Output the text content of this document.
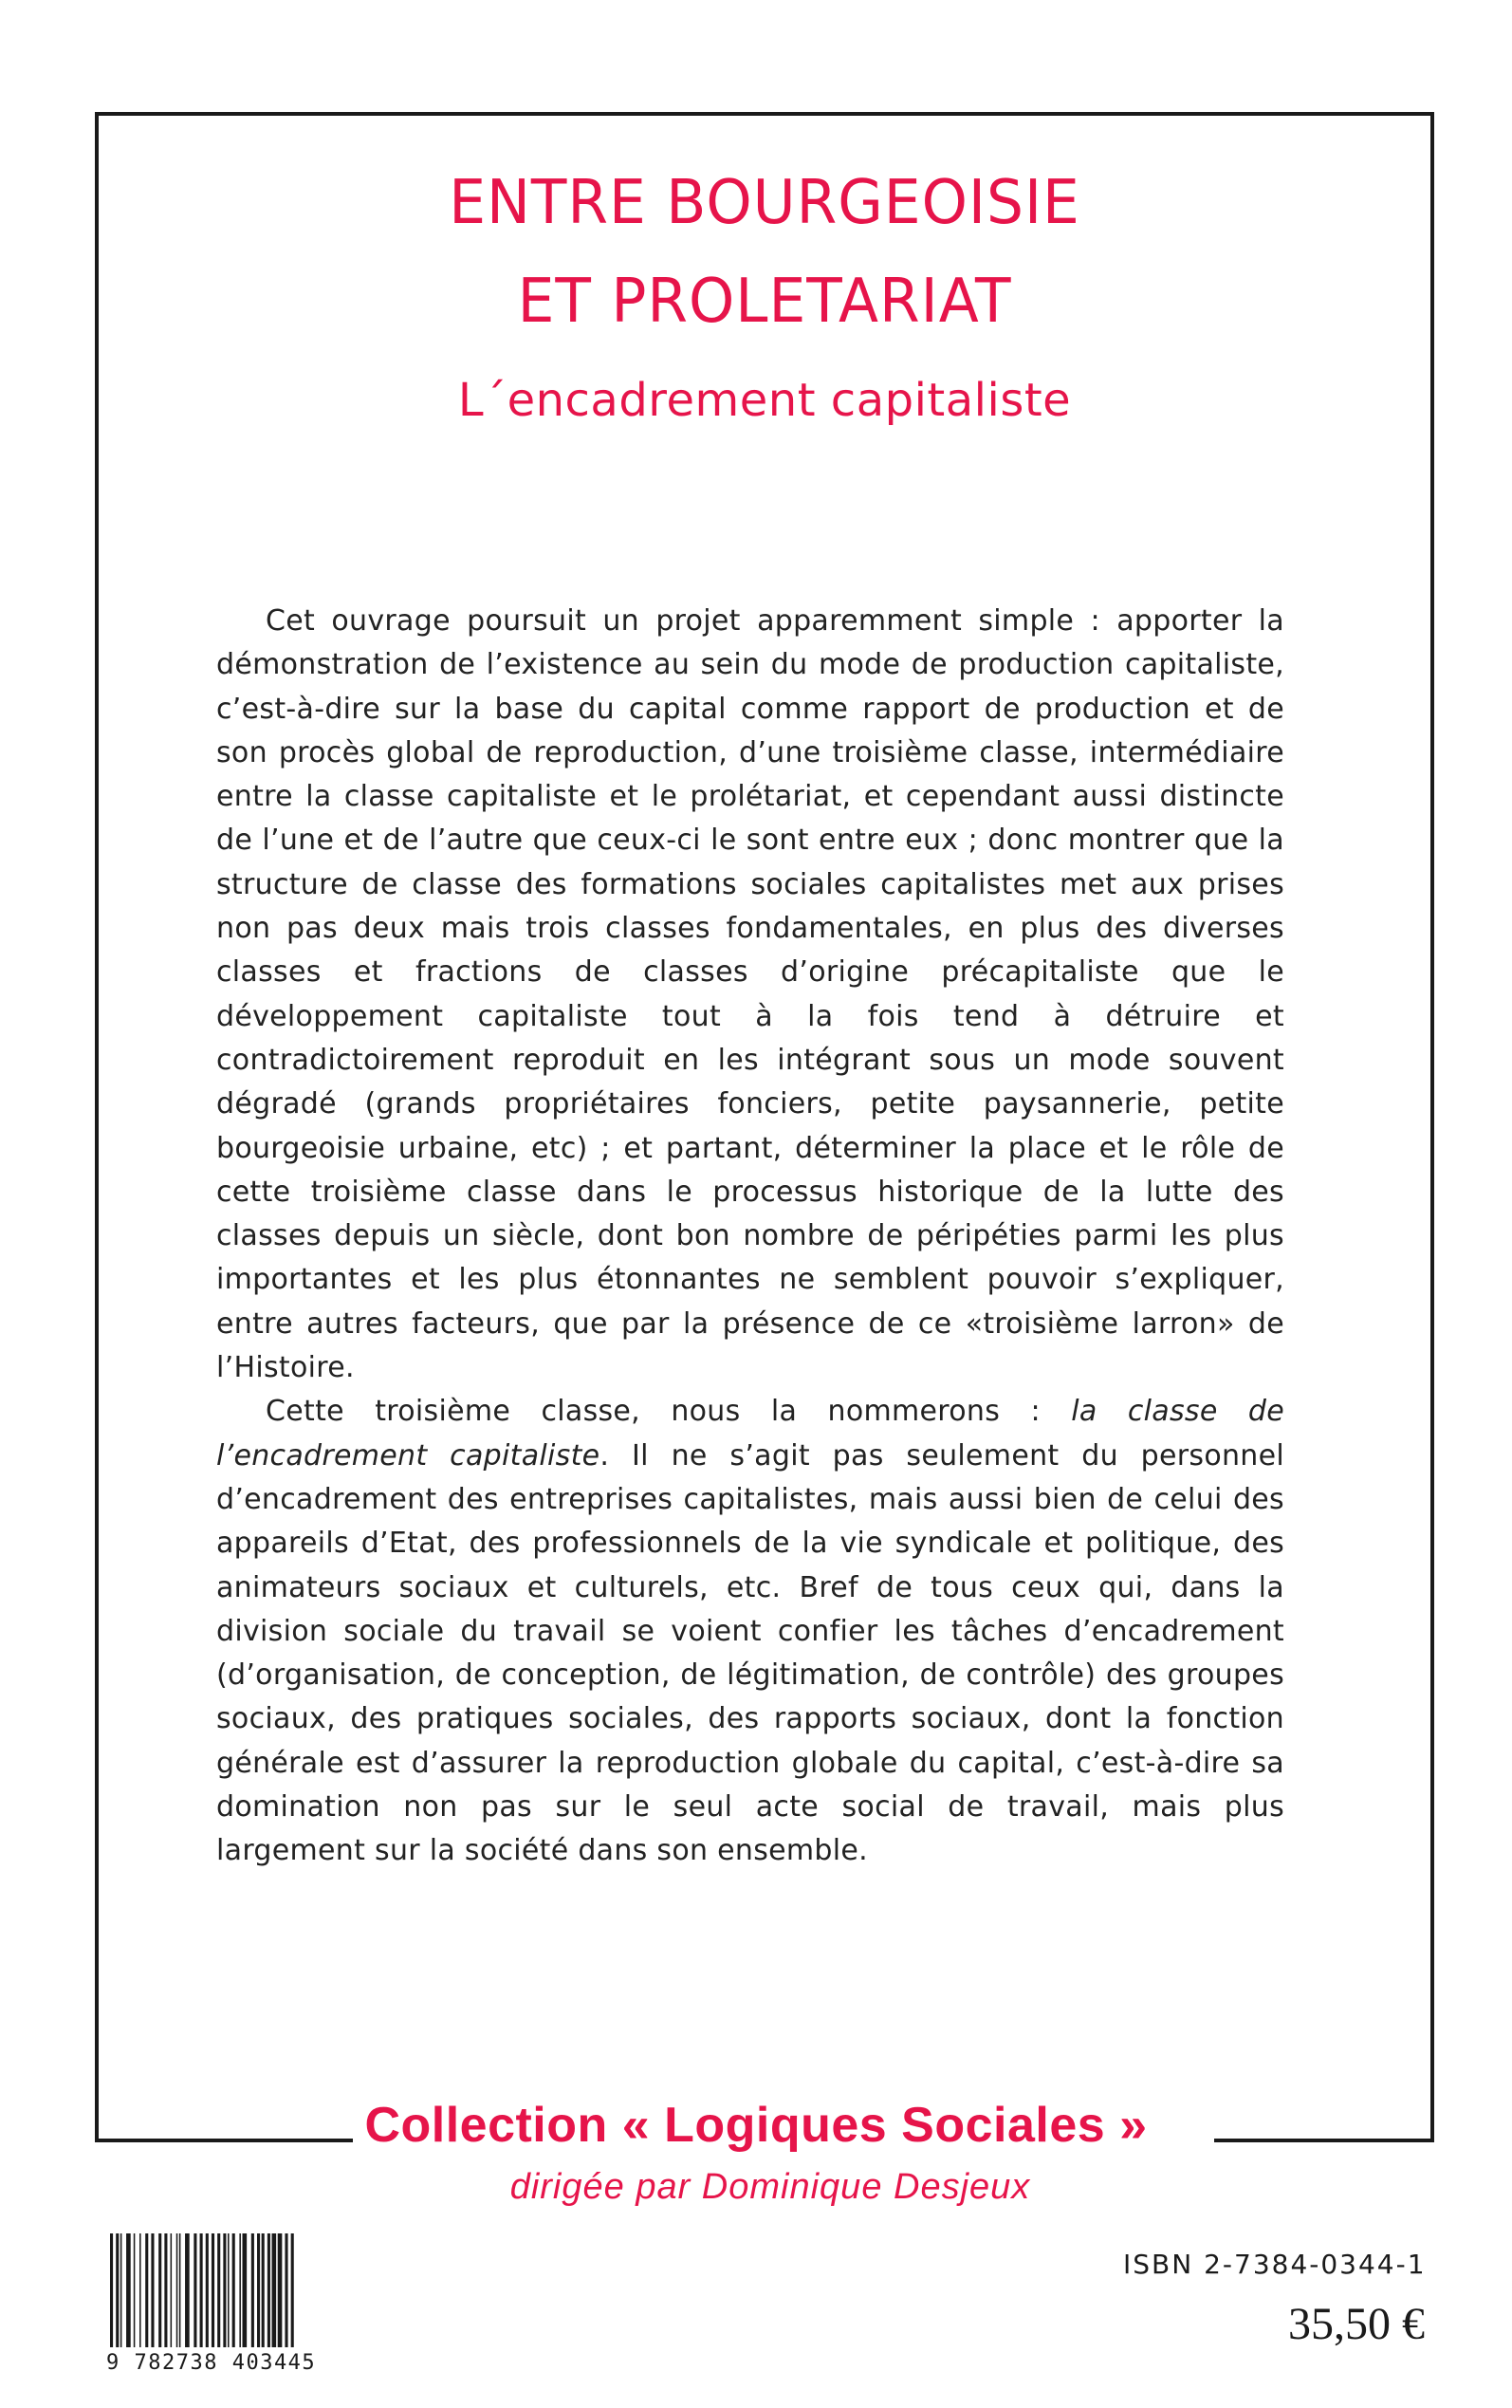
ENTRE BOURGEOISIE
ET PROLETARIAT
L´encadrement capitaliste

Cet ouvrage poursuit un projet apparemment simple : apporter la démonstration de l’existence au sein du mode de production capitaliste, c’est-à-dire sur la base du capital comme rapport de production et de son procès global de reproduction, d’une troisième classe, intermédiaire entre la classe capitaliste et le prolétariat, et cependant aussi distincte de l’une et de l’autre que ceux-ci le sont entre eux ; donc montrer que la structure de classe des formations sociales capitalistes met aux prises non pas deux mais trois classes fondamentales, en plus des diverses classes et fractions de classes d’origine précapitaliste que le développement capitaliste tout à la fois tend à détruire et contradictoirement reproduit en les intégrant sous un mode souvent dégradé (grands propriétaires fonciers, petite paysannerie, petite bourgeoisie urbaine, etc) ; et partant, déterminer la place et le rôle de cette troisième classe dans le processus historique de la lutte des classes depuis un siècle, dont bon nombre de péripéties parmi les plus importantes et les plus étonnantes ne semblent pouvoir s’expliquer, entre autres facteurs, que par la présence de ce «troisième larron» de l’Histoire.

Cette troisième classe, nous la nommerons : la classe de l’encadrement capitaliste. Il ne s’agit pas seulement du personnel d’encadrement des entreprises capitalistes, mais aussi bien de celui des appareils d’Etat, des professionnels de la vie syndicale et politique, des animateurs sociaux et culturels, etc. Bref de tous ceux qui, dans la division sociale du travail se voient confier les tâches d’encadrement (d’organisation, de conception, de légitimation, de contrôle) des groupes sociaux, des pratiques sociales, des rapports sociaux, dont la fonction générale est d’assurer la reproduction globale du capital, c’est-à-dire sa domination non pas sur le seul acte social de travail, mais plus largement sur la société dans son ensemble.

Collection « Logiques Sociales »
dirigée par Dominique Desjeux
9 782738 403445
ISBN 2-7384-0344-1
35,50 €
